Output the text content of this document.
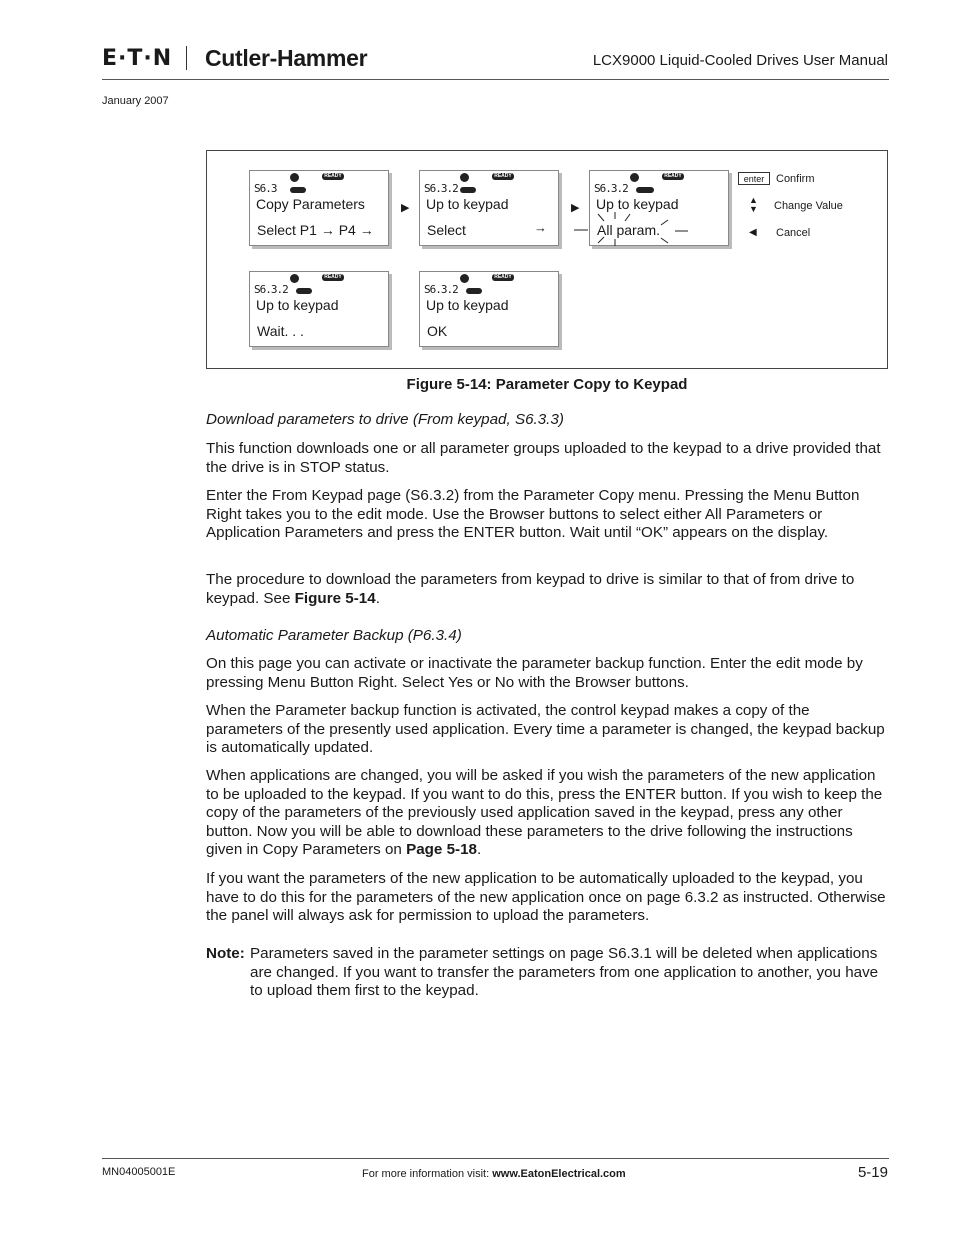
E·T·N Cutler-Hammer	LCX9000 Liquid-Cooled Drives User Manual
January 2007
READY
S6.3
Copy Parameters
Select P1 → P4 →
▶
READY
S6.3.2
Up to keypad
Select	→
▶
READY
S6.3.2
Up to keypad
All param.
enter	Confirm
▲
▼ Change Value
◀ Cancel
READY
S6.3.2
Up to keypad
Wait. . .
READY
S6.3.2
Up to keypad
OK
Figure 5-14: Parameter Copy to Keypad
Download parameters to drive (From keypad, S6.3.3)
This function downloads one or all parameter groups uploaded to the keypad to a drive provided that the drive is in STOP status.
Enter the From Keypad page (S6.3.2) from the Parameter Copy menu. Pressing the Menu Button Right takes you to the edit mode. Use the Browser buttons to select either All Parameters or Application Parameters and press the ENTER button. Wait until “OK” appears on the display.
The procedure to download the parameters from keypad to drive is similar to that of from drive to keypad. See Figure 5-14.
Automatic Parameter Backup (P6.3.4)
On this page you can activate or inactivate the parameter backup function. Enter the edit mode by pressing Menu Button Right. Select Yes or No with the Browser buttons.
When the Parameter backup function is activated, the control keypad makes a copy of the parameters of the presently used application. Every time a parameter is changed, the keypad backup is automatically updated.
When applications are changed, you will be asked if you wish the parameters of the new application to be uploaded to the keypad. If you want to do this, press the ENTER button. If you wish to keep the copy of the parameters of the previously used application saved in the keypad, press any other button. Now you will be able to download these parameters to the drive following the instructions given in Copy Parameters on Page 5-18.
If you want the parameters of the new application to be automatically uploaded to the keypad, you have to do this for the parameters of the new application once on page 6.3.2 as instructed. Otherwise the panel will always ask for permission to upload the parameters.
Note: Parameters saved in the parameter settings on page S6.3.1 will be deleted when applications are changed. If you want to transfer the parameters from one application to another, you have to upload them first to the keypad.
MN04005001E	For more information visit: www.EatonElectrical.com	5-19
